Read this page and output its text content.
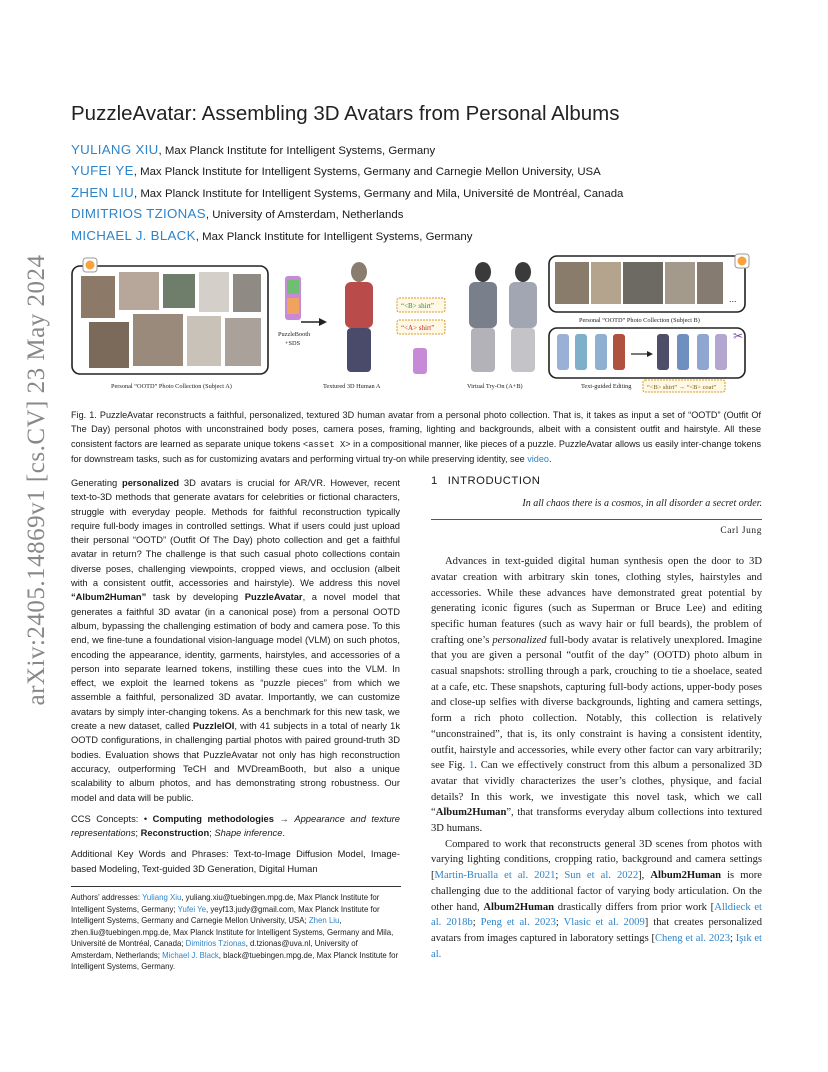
arXiv:2405.14869v1 [cs.CV] 23 May 2024
PuzzleAvatar: Assembling 3D Avatars from Personal Albums
YULIANG XIU, Max Planck Institute for Intelligent Systems, Germany
YUFEI YE, Max Planck Institute for Intelligent Systems, Germany and Carnegie Mellon University, USA
ZHEN LIU, Max Planck Institute for Intelligent Systems, Germany and Mila, Université de Montréal, Canada
DIMITRIOS TZIONAS, University of Amsterdam, Netherlands
MICHAEL J. BLACK, Max Planck Institute for Intelligent Systems, Germany
Personal “OOTD” Photo Collection (Subject A)
PuzzleBooth
+SDS
Textured 3D Human A
“<B> shirt”
“<A> shirt”
Virtual Try-On (A+B)
...
Personal “OOTD” Photo Collection (Subject B)
✂
Text-guided Editing “<B> shirt” → “<B> coat”
Fig. 1. PuzzleAvatar reconstructs a faithful, personalized, textured 3D human avatar from a personal photo collection. That is, it takes as input a set of “OOTD” (Outfit Of The Day) personal photos with unconstrained body poses, camera poses, framing, lighting and backgrounds, albeit with a consistent outfit and hairstyle. All these consistent factors are learned as separate unique tokens <asset X> in a compositional manner, like pieces of a puzzle. PuzzleAvatar allows us easily inter-change tokens for downstream tasks, such as for customizing avatars and performing virtual try-on while preserving identity, see video.

Generating personalized 3D avatars is crucial for AR/VR. However, recent text-to-3D methods that generate avatars for celebrities or fictional characters, struggle with everyday people. Methods for faithful reconstruction typically require full-body images in controlled settings. What if users could just upload their personal “OOTD” (Outfit Of The Day) photo collection and get a faithful avatar in return? The challenge is that such casual photo collections contain diverse poses, challenging viewpoints, cropped views, and occlusion (albeit with a consistent outfit, accessories and hairstyle). We address this novel “Album2Human” task by developing PuzzleAvatar, a novel model that generates a faithful 3D avatar (in a canonical pose) from a personal OOTD album, bypassing the challenging estimation of body and camera pose. To this end, we fine-tune a foundational vision-language model (VLM) on such photos, encoding the appearance, identity, garments, hairstyles, and accessories of a person into separate learned tokens, instilling these cues into the VLM. In effect, we exploit the learned tokens as “puzzle pieces” from which we assemble a faithful, personalized 3D avatar. Importantly, we can customize avatars by simply inter-changing tokens. As a benchmark for this new task, we create a new dataset, called PuzzleIOI, with 41 subjects in a total of nearly 1k OOTD configurations, in challenging partial photos with paired ground-truth 3D bodies. Evaluation shows that PuzzleAvatar not only has high reconstruction accuracy, outperforming TeCH and MVDreamBooth, but also a unique scalability to album photos, and has demonstrating strong robustness. Our model and data will be public.

CCS Concepts: • Computing methodologies → Appearance and texture representations; Reconstruction; Shape inference.

Additional Key Words and Phrases: Text-to-Image Diffusion Model, Image-based Modeling, Text-guided 3D Generation, Digital Human

Authors’ addresses: Yuliang Xiu, yuliang.xiu@tuebingen.mpg.de, Max Planck Institute for Intelligent Systems, Germany; Yufei Ye, yeyf13.judy@gmail.com, Max Planck Institute for Intelligent Systems, Germany and Carnegie Mellon University, USA; Zhen Liu, zhen.liu@tuebingen.mpg.de, Max Planck Institute for Intelligent Systems, Germany and Mila, Université de Montréal, Canada; Dimitrios Tzionas, d.tzionas@uva.nl, University of Amsterdam, Netherlands; Michael J. Black, black@tuebingen.mpg.de, Max Planck Institute for Intelligent Systems, Germany.
1 INTRODUCTION
In all chaos there is a cosmos, in all disorder a secret order.
Carl Jung

Advances in text-guided digital human synthesis open the door to 3D avatar creation with arbitrary skin tones, clothing styles, hairstyles and accessories. While these advances have demonstrated great potential by generating iconic figures (such as Superman or Bruce Lee) and editing specific human features (such as wavy hair or full beards), the problem of crafting one’s personalized full-body avatar is relatively unexplored. Imagine that you are given a personal “outfit of the day” (OOTD) photo album in casual snapshots: strolling through a park, crouching to tie a shoelace, seated at a cafe, etc. These snapshots, capturing full-body actions, upper-body poses and close-up selfies with diverse backgrounds, lighting and camera settings, form a rich photo collection. Notably, this collection is relatively “unconstrained”, that is, its only constraint is having a consistent identity, outfit, hairstyle and accessories, while every other factor can vary arbitrarily; see Fig. 1. Can we effectively construct from this album a personalized 3D avatar that vividly characterizes the user’s clothes, physique, and facial details? In this work, we investigate this novel task, which we call “Album2Human”, that transforms everyday album collections into textured 3D humans.

Compared to work that reconstructs general 3D scenes from photos with varying lighting conditions, cropping ratio, background and camera settings [Martin-Brualla et al. 2021; Sun et al. 2022], Album2Human is more challenging due to the additional factor of varying body articulation. On the other hand, Album2Human drastically differs from prior work [Alldieck et al. 2018b; Peng et al. 2023; Vlasic et al. 2009] that creates personalized avatars from images captured in laboratory settings [Cheng et al. 2023; Işık et al.
